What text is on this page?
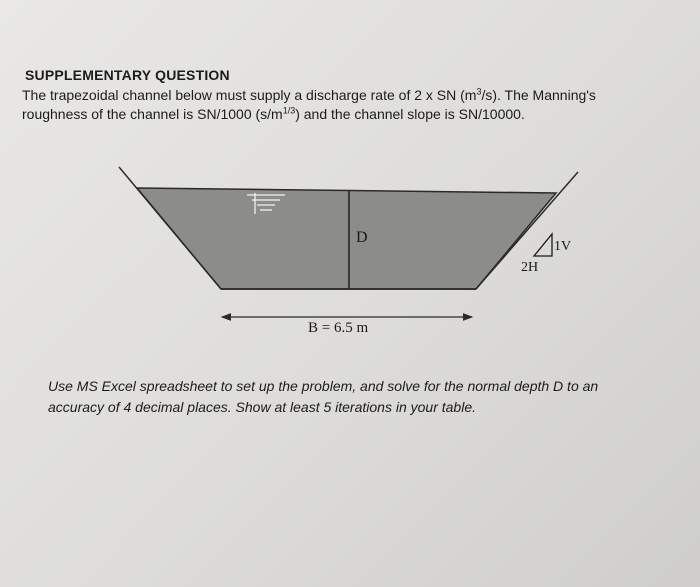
SUPPLEMENTARY QUESTION
The trapezoidal channel below must supply a discharge rate of 2 x SN $(m^3/s)$. The Manning's
roughness of the channel is SN/1000 $(s/m^{1/3})$ and the channel slope is SN/10000.
D
1V
2H
B = 6.5 m
Use MS Excel spreadsheet to set up the problem, and solve for the normal depth D to an accuracy of 4 decimal places. Show at least 5 iterations in your table.
